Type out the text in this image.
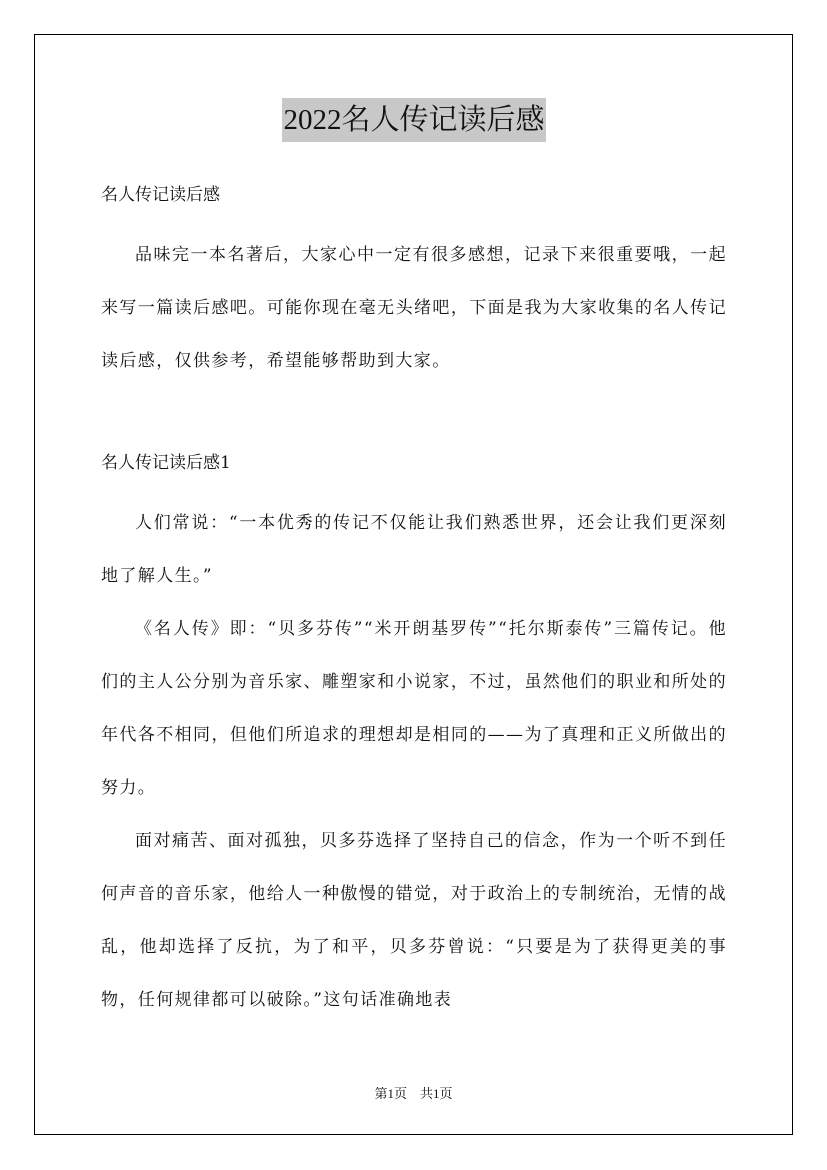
2022名人传记读后感

名人传记读后感

品味完一本名著后，大家心中一定有很多感想，记录下来很重要哦，一起来写一篇读后感吧。可能你现在毫无头绪吧，下面是我为大家收集的名人传记读后感，仅供参考，希望能够帮助到大家。

名人传记读后感1

人们常说：“一本优秀的传记不仅能让我们熟悉世界，还会让我们更深刻地了解人生。”

《名人传》即：“贝多芬传”“米开朗基罗传”“托尔斯泰传”三篇传记。他们的主人公分别为音乐家、雕塑家和小说家，不过，虽然他们的职业和所处的年代各不相同，但他们所追求的理想却是相同的——为了真理和正义所做出的努力。

面对痛苦、面对孤独，贝多芬选择了坚持自己的信念，作为一个听不到任何声音的音乐家，他给人一种傲慢的错觉，对于政治上的专制统治，无情的战乱，他却选择了反抗，为了和平，贝多芬曾说：“只要是为了获得更美的事物，任何规律都可以破除。”这句话准确地表

第1页　共1页
